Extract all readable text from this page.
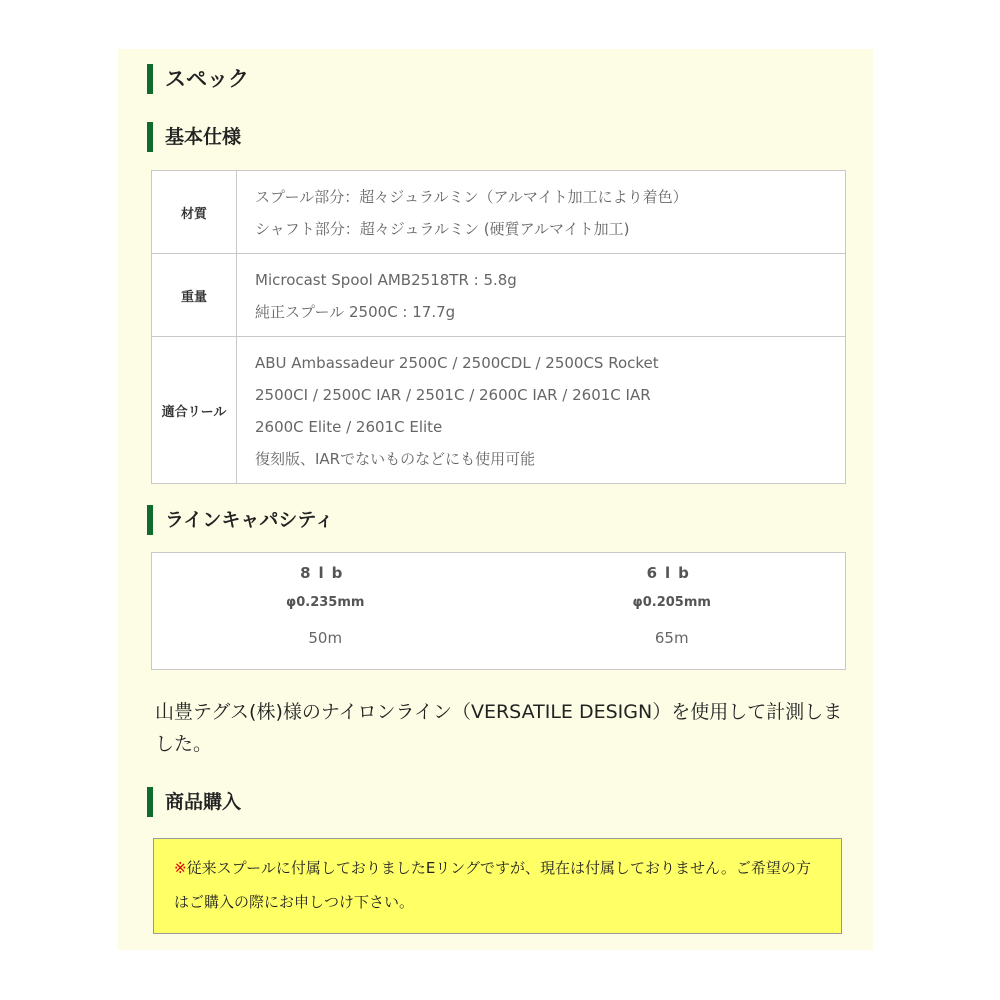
スペック
基本仕様
材質	スプール部分：超々ジュラルミン（アルマイト加工により着色）
シャフト部分：超々ジュラルミン (硬質アルマイト加工)

重量	Microcast Spool AMB2518TR : 5.8g
純正スプール 2500C : 17.7g

適合リール	ABU Ambassadeur 2500C / 2500CDL / 2500CS Rocket
2500CI / 2500C IAR / 2501C / 2600C IAR / 2601C IAR
2600C Elite / 2601C Elite
復刻版、IARでないものなどにも使用可能
ラインキャパシティ
8lb
φ0.235mm
50m

6lb
φ0.205mm
65m
山豊テグス(株)様のナイロンライン（VERSATILE DESIGN）を使用して計測しました。
商品購入
※従来スプールに付属しておりましたEリングですが、現在は付属しておりません。ご希望の方はご購入の際にお申しつけ下さい。
